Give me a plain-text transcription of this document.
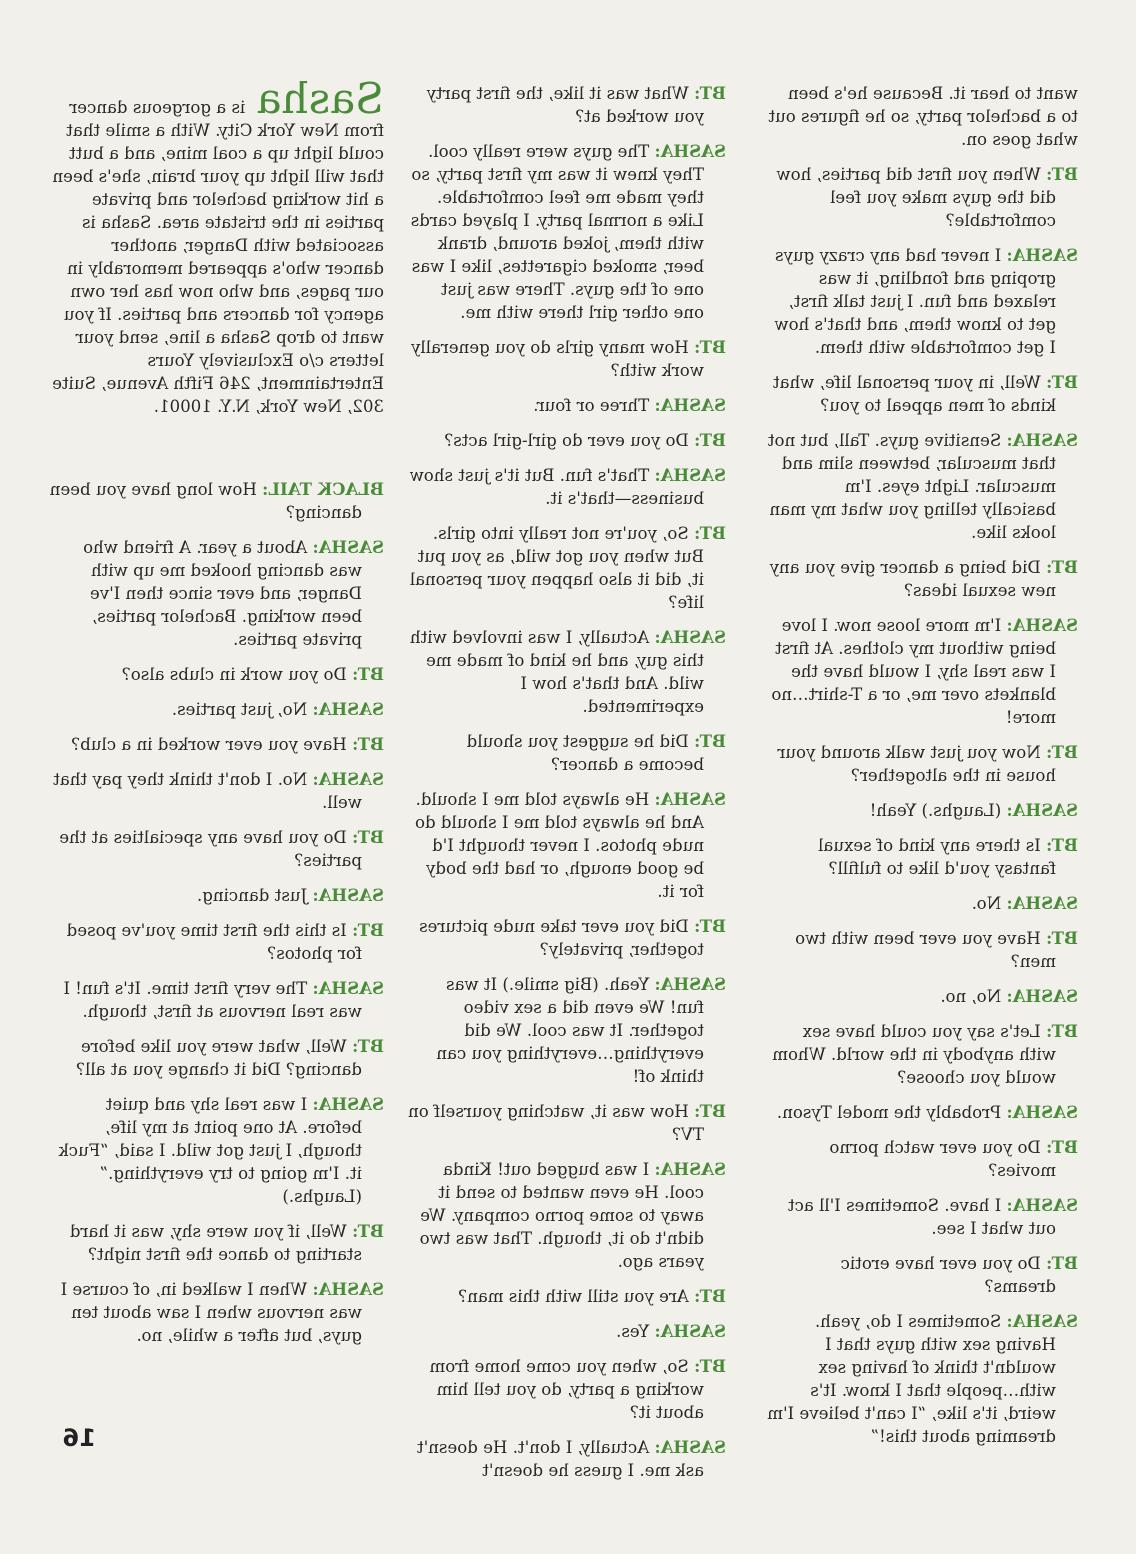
Sasha is a gorgeous dancer from New York City. With a smile that could light up a coal mine, and a butt that will light up your brain, she's been a hit working bachelor and private parties in the tristate area. Sasha is associated with Danger, another dancer who's appeared memorably in our pages, and who now has her own agency for dancers and parties. If you want to drop Sasha a line, send your letters c/o Exclusively Yours Entertainment, 246 Fifth Avenue, Suite 302, New York, N.Y. 10001.

BLACK TAIL: How long have you been dancing?

SASHA: About a year. A friend who was dancing hooked me up with Danger, and ever since then I've been working. Bachelor parties, private parties.

BT: Do you work in clubs also?

SASHA: No, just parties.

BT: Have you ever worked in a club?

SASHA: No. I don't think they pay that well.

BT: Do you have any specialties at the parties?

SASHA: Just dancing.

BT: Is this the first time you've posed for photos?

SASHA: The very first time. It's fun! I was real nervous at first, though.

BT: Well, what were you like before dancing? Did it change you at all?

SASHA: I was real shy and quiet before. At one point at my life, though, I just got wild. I said, “Fuck it. I'm going to try everything.” (Laughs.)

BT: Well, if you were shy, was it hard starting to dance the first night?

SASHA: When I walked in, of course I was nervous when I saw about ten guys, but after a while, no.

BT: What was it like, the first party you worked at?

SASHA: The guys were really cool. They knew it was my first party, so they made me feel comfortable. Like a normal party. I played cards with them, joked around, drank beer, smoked cigarettes, like I was one of the guys. There was just one other girl there with me.

BT: How many girls do you generally work with?

SASHA: Three or four.

BT: Do you ever do girl-girl acts?

SASHA: That's fun. But it's just show business—that's it.

BT: So, you're not really into girls. But when you got wild, as you put it, did it also happen your personal life?

SASHA: Actually, I was involved with this guy, and he kind of made me wild. And that's how I experimented.

BT: Did he suggest you should become a dancer?

SASHA: He always told me I should. And he always told me I should do nude photos. I never thought I'd be good enough, or had the body for it.

BT: Did you ever take nude pictures together, privately?

SASHA: Yeah. (Big smile.) It was fun! We even did a sex video together. It was cool. We did everything…everything you can think of!

BT: How was it, watching yourself on TV?

SASHA: I was bugged out! Kinda cool. He even wanted to send it away to some porno company. We didn't do it, though. That was two years ago.

BT: Are you still with this man?

SASHA: Yes.

BT: So, when you come home from working a party, do you tell him about it?

SASHA: Actually, I don't. He doesn't ask me. I guess he doesn't

want to hear it. Because he's been to a bachelor party, so he figures out what goes on.

BT: When you first did parties, how did the guys make you feel comfortable?

SASHA: I never had any crazy guys groping and fondling, it was relaxed and fun. I just talk first, get to know them, and that's how I get comfortable with them.

BT: Well, in your personal life, what kinds of men appeal to you?

SASHA: Sensitive guys. Tall, but not that muscular, between slim and muscular. Light eyes. I'm basically telling you what my man looks like.

BT: Did being a dancer give you any new sexual ideas?

SASHA: I'm more loose now. I love being without my clothes. At first I was real shy, I would have the blankets over me, or a T-shirt…no more!

BT: Now you just walk around your house in the altogether?

SASHA: (Laughs.) Yeah!

BT: Is there any kind of sexual fantasy you'd like to fulfill?

SASHA: No.

BT: Have you ever been with two men?

SASHA: No, no.

BT: Let's say you could have sex with anybody in the world. Whom would you choose?

SASHA: Probably the model Tyson.

BT: Do you ever watch porno movies?

SASHA: I have. Sometimes I'll act out what I see.

BT: Do you ever have erotic dreams?

SASHA: Sometimes I do, yeah. Having sex with guys that I wouldn't think of having sex with…people that I know. It's weird, it's like, “I can't believe I'm dreaming about this!”

16
